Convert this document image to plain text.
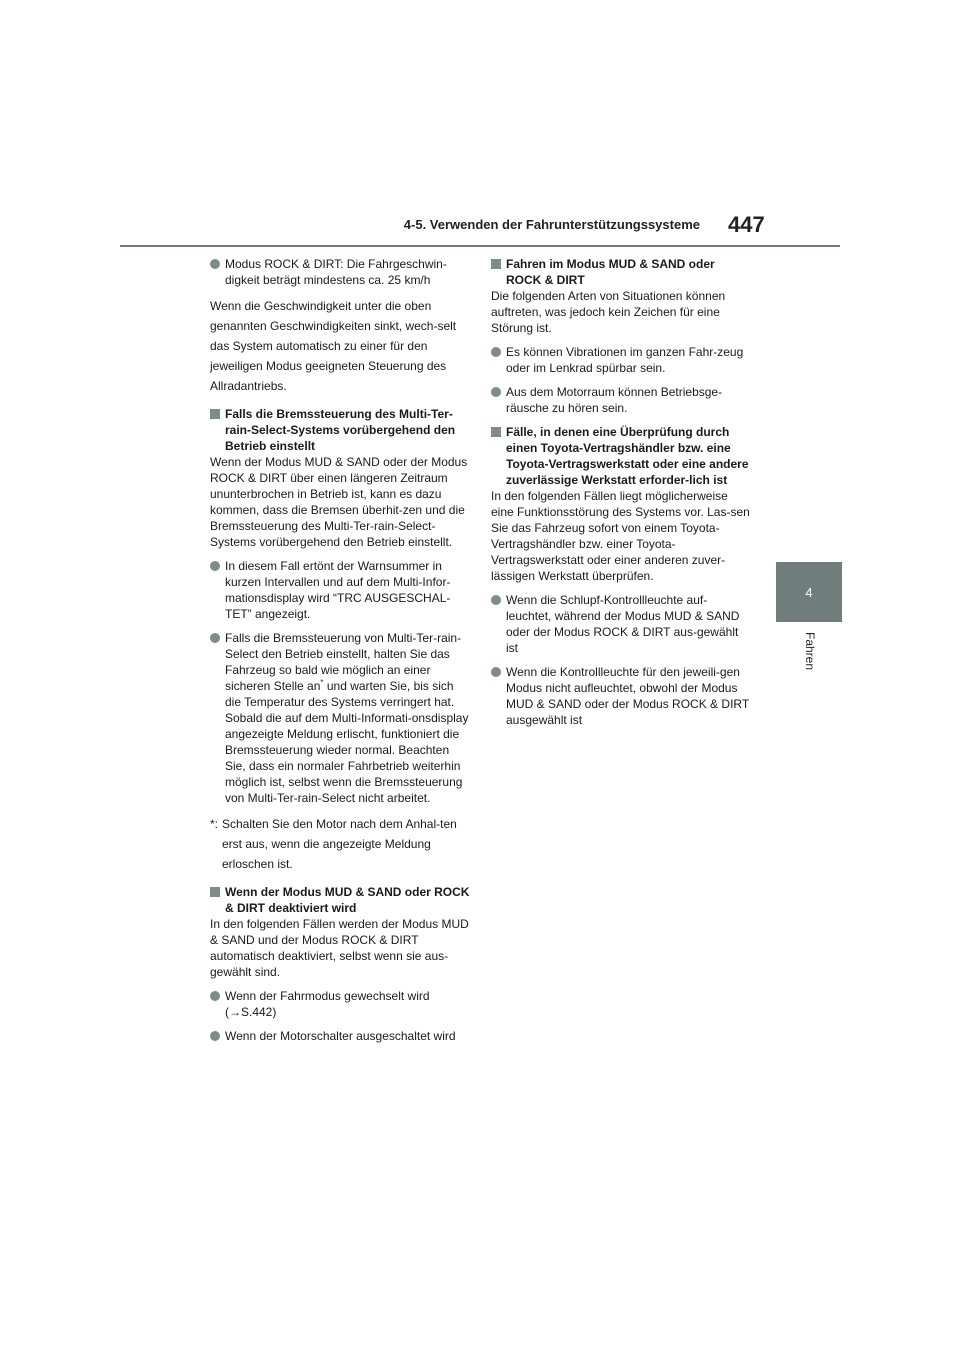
4-5. Verwenden der Fahrunterstützungssysteme 447
4
Fahren

Modus ROCK & DIRT: Die Fahrgeschwin-digkeit beträgt mindestens ca. 25 km/h

Wenn die Geschwindigkeit unter die oben genannten Geschwindigkeiten sinkt, wech-selt das System automatisch zu einer für den jeweiligen Modus geeigneten Steuerung des Allradantriebs.

Falls die Bremssteuerung des Multi-Ter-rain-Select-Systems vorübergehend den Betrieb einstellt

Wenn der Modus MUD & SAND oder der Modus ROCK & DIRT über einen längeren Zeitraum ununterbrochen in Betrieb ist, kann es dazu kommen, dass die Bremsen überhit-zen und die Bremssteuerung des Multi-Ter-rain-Select-Systems vorübergehend den Betrieb einstellt.

In diesem Fall ertönt der Warnsummer in kurzen Intervallen und auf dem Multi-Infor-mationsdisplay wird “TRC AUSGESCHAL-TET” angezeigt.

Falls die Bremssteuerung von Multi-Ter-rain-Select den Betrieb einstellt, halten Sie das Fahrzeug so bald wie möglich an einer sicheren Stelle an* und warten Sie, bis sich die Temperatur des Systems verringert hat. Sobald die auf dem Multi-Informati-onsdisplay angezeigte Meldung erlischt, funktioniert die Bremssteuerung wieder normal. Beachten Sie, dass ein normaler Fahrbetrieb weiterhin möglich ist, selbst wenn die Bremssteuerung von Multi-Ter-rain-Select nicht arbeitet.

*: Schalten Sie den Motor nach dem Anhal-ten erst aus, wenn die angezeigte Meldung erloschen ist.

Wenn der Modus MUD & SAND oder ROCK & DIRT deaktiviert wird

In den folgenden Fällen werden der Modus MUD & SAND und der Modus ROCK & DIRT automatisch deaktiviert, selbst wenn sie aus-gewählt sind.

Wenn der Fahrmodus gewechselt wird (→S.442)

Wenn der Motorschalter ausgeschaltet wird

Fahren im Modus MUD & SAND oder ROCK & DIRT

Die folgenden Arten von Situationen können auftreten, was jedoch kein Zeichen für eine Störung ist.

Es können Vibrationen im ganzen Fahr-zeug oder im Lenkrad spürbar sein.

Aus dem Motorraum können Betriebsge-räusche zu hören sein.

Fälle, in denen eine Überprüfung durch einen Toyota-Vertragshändler bzw. eine Toyota-Vertragswerkstatt oder eine andere zuverlässige Werkstatt erforder-lich ist

In den folgenden Fällen liegt möglicherweise eine Funktionsstörung des Systems vor. Las-sen Sie das Fahrzeug sofort von einem Toyota-Vertragshändler bzw. einer Toyota-Vertragswerkstatt oder einer anderen zuver-lässigen Werkstatt überprüfen.

Wenn die Schlupf-Kontrollleuchte auf-leuchtet, während der Modus MUD & SAND oder der Modus ROCK & DIRT aus-gewählt ist

Wenn die Kontrollleuchte für den jeweili-gen Modus nicht aufleuchtet, obwohl der Modus MUD & SAND oder der Modus ROCK & DIRT ausgewählt ist
